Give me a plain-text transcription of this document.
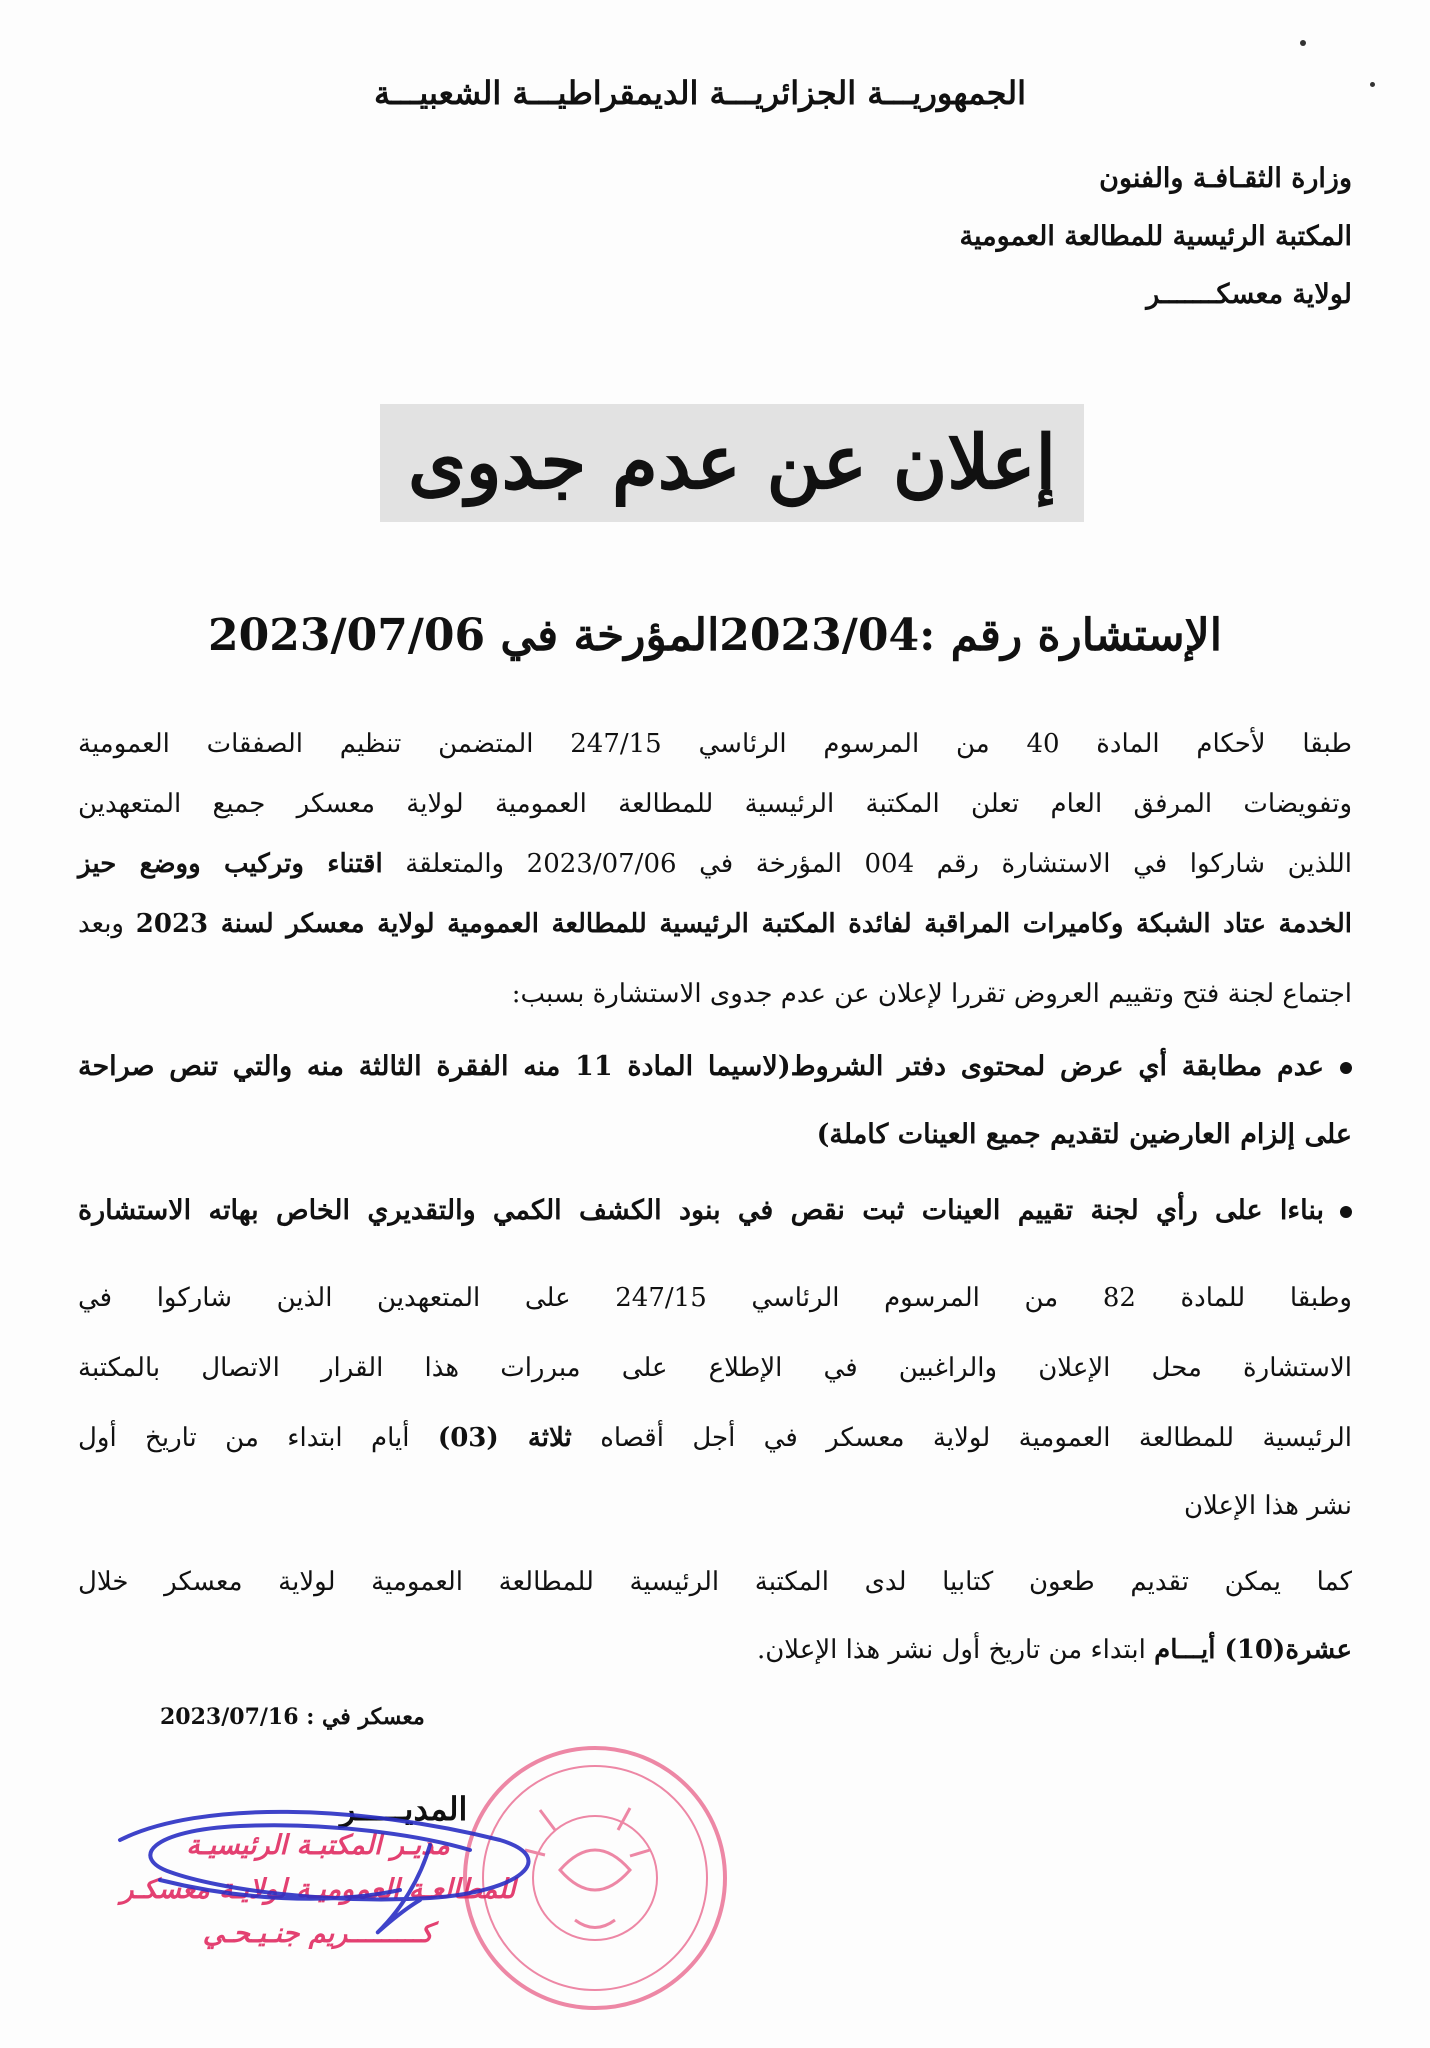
الجمهوريـــة الجزائريـــة الديمقراطيـــة الشعبيـــة
وزارة الثقـافـة والفنون
المكتبة الرئيسية للمطالعة العمومية
لولاية معسكـــــــر
إعلان عن عدم جدوى
الإستشارة رقم :2023/04المؤرخة في 2023/07/06
طبقا لأحكام المادة 40 من المرسوم الرئاسي 247/15 المتضمن تنظيم الصفقات العمومية
وتفويضات المرفق العام تعلن المكتبة الرئيسية للمطالعة العمومية لولاية معسكر جميع المتعهدين
اللذين شاركوا في الاستشارة رقم 004 المؤرخة في 2023/07/06 والمتعلقة اقتناء وتركيب ووضع حيز
الخدمة عتاد الشبكة وكاميرات المراقبة لفائدة المكتبة الرئيسية للمطالعة العمومية لولاية معسكر لسنة 2023 وبعد
اجتماع لجنة فتح وتقييم العروض تقررا لإعلان عن عدم جدوى الاستشارة بسبب:
عدم مطابقة أي عرض لمحتوى دفتر الشروط(لاسيما المادة 11 منه الفقرة الثالثة منه والتي تنص صراحة
على إلزام العارضين لتقديم جميع العينات كاملة)
بناءا على رأي لجنة تقييم العينات ثبت نقص في بنود الكشف الكمي والتقديري الخاص بهاته الاستشارة
وطبقا للمادة 82 من المرسوم الرئاسي 247/15 على المتعهدين الذين شاركوا في
الاستشارة محل الإعلان والراغبين في الإطلاع على مبررات هذا القرار الاتصال بالمكتبة
الرئيسية للمطالعة العمومية لولاية معسكر في أجل أقصاه ثلاثة (03) أيام ابتداء من تاريخ أول
نشر هذا الإعلان
كما يمكن تقديم طعون كتابيا لدى المكتبة الرئيسية للمطالعة العمومية لولاية معسكر خلال
عشرة(10) أيـــام ابتداء من تاريخ أول نشر هذا الإعلان.
معسكر في : 2023/07/16
المديـــــر
مديـر المكتبـة الرئيسيـة
للمطالعـة العموميـة لولايـة معسكـر
كـــــــــريم جنـيـحـي
